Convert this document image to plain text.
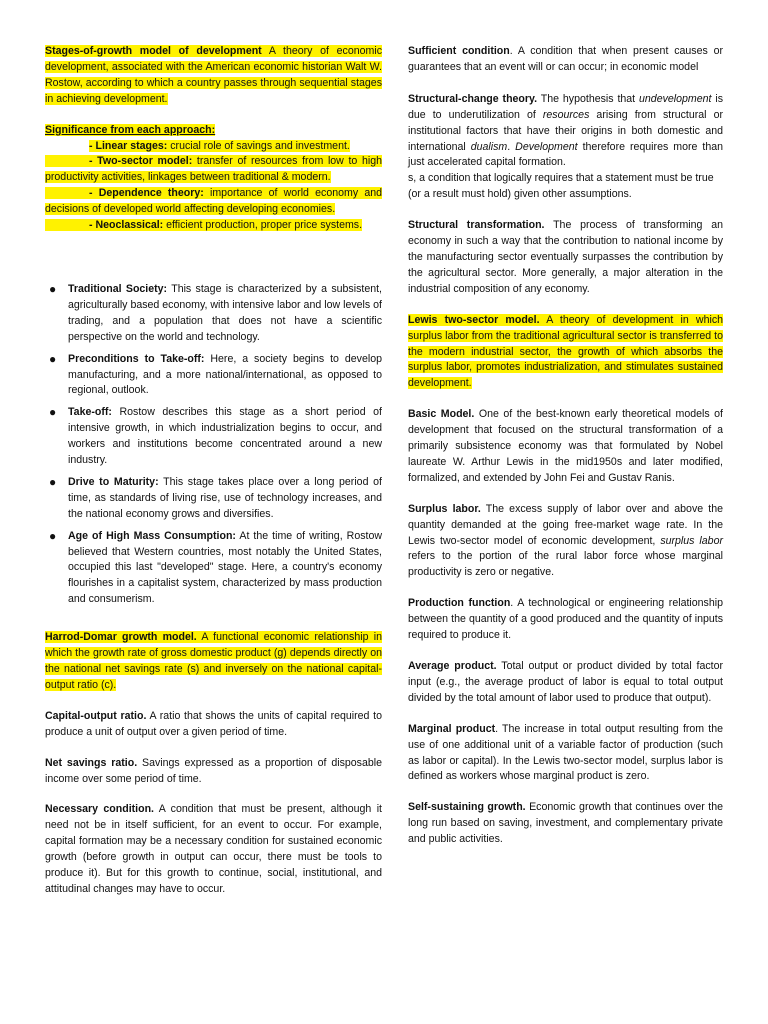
Stages-of-growth model of development A theory of economic development, associated with the American economic historian Walt W. Rostow, according to which a country passes through sequential stages in achieving development.

Significance from each approach:

- Linear stages: crucial role of savings and investment.

- Two-sector model: transfer of resources from low to high productivity activities, linkages between traditional & modern.

- Dependence theory: importance of world economy and decisions of developed world affecting developing economies.

- Neoclassical: efficient production, proper price systems.

● Traditional Society: This stage is characterized by a subsistent, agriculturally based economy, with intensive labor and low levels of trading, and a population that does not have a scientific perspective on the world and technology.
● Preconditions to Take-off: Here, a society begins to develop manufacturing, and a more national/international, as opposed to regional, outlook.
● Take-off: Rostow describes this stage as a short period of intensive growth, in which industrialization begins to occur, and workers and institutions become concentrated around a new industry.
● Drive to Maturity: This stage takes place over a long period of time, as standards of living rise, use of technology increases, and the national economy grows and diversifies.
● Age of High Mass Consumption: At the time of writing, Rostow believed that Western countries, most notably the United States, occupied this last "developed" stage. Here, a country's economy flourishes in a capitalist system, characterized by mass production and consumerism.

Harrod-Domar growth model. A functional economic relationship in which the growth rate of gross domestic product (g) depends directly on the national net savings rate (s) and inversely on the national capital-output ratio (c).

Capital-output ratio. A ratio that shows the units of capital required to produce a unit of output over a given period of time.

Net savings ratio. Savings expressed as a proportion of disposable income over some period of time.

Necessary condition. A condition that must be present, although it need not be in itself sufficient, for an event to occur. For example, capital formation may be a necessary condition for sustained economic growth (before growth in output can occur, there must be tools to produce it). But for this growth to continue, social, institutional, and attitudinal changes may have to occur.

Sufficient condition. A condition that when present causes or guarantees that an event will or can occur; in economic model

Structural-change theory. The hypothesis that undevelopment is due to underutilization of resources arising from structural or institutional factors that have their origins in both domestic and international dualism. Development therefore requires more than just accelerated capital formation.

s, a condition that logically requires that a statement must be true (or a result must hold) given other assumptions.

Structural transformation. The process of transforming an economy in such a way that the contribution to national income by the manufacturing sector eventually surpasses the contribution by the agricultural sector. More generally, a major alteration in the industrial composition of any economy.

Lewis two-sector model. A theory of development in which surplus labor from the traditional agricultural sector is transferred to the modern industrial sector, the growth of which absorbs the surplus labor, promotes industrialization, and stimulates sustained development.

Basic Model. One of the best-known early theoretical models of development that focused on the structural transformation of a primarily subsistence economy was that formulated by Nobel laureate W. Arthur Lewis in the mid1950s and later modified, formalized, and extended by John Fei and Gustav Ranis.

Surplus labor. The excess supply of labor over and above the quantity demanded at the going free-market wage rate. In the Lewis two-sector model of economic development, surplus labor refers to the portion of the rural labor force whose marginal productivity is zero or negative.

Production function. A technological or engineering relationship between the quantity of a good produced and the quantity of inputs required to produce it.

Average product. Total output or product divided by total factor input (e.g., the average product of labor is equal to total output divided by the total amount of labor used to produce that output).

Marginal product. The increase in total output resulting from the use of one additional unit of a variable factor of production (such as labor or capital). In the Lewis two-sector model, surplus labor is defined as workers whose marginal product is zero.

Self-sustaining growth. Economic growth that continues over the long run based on saving, investment, and complementary private and public activities.
